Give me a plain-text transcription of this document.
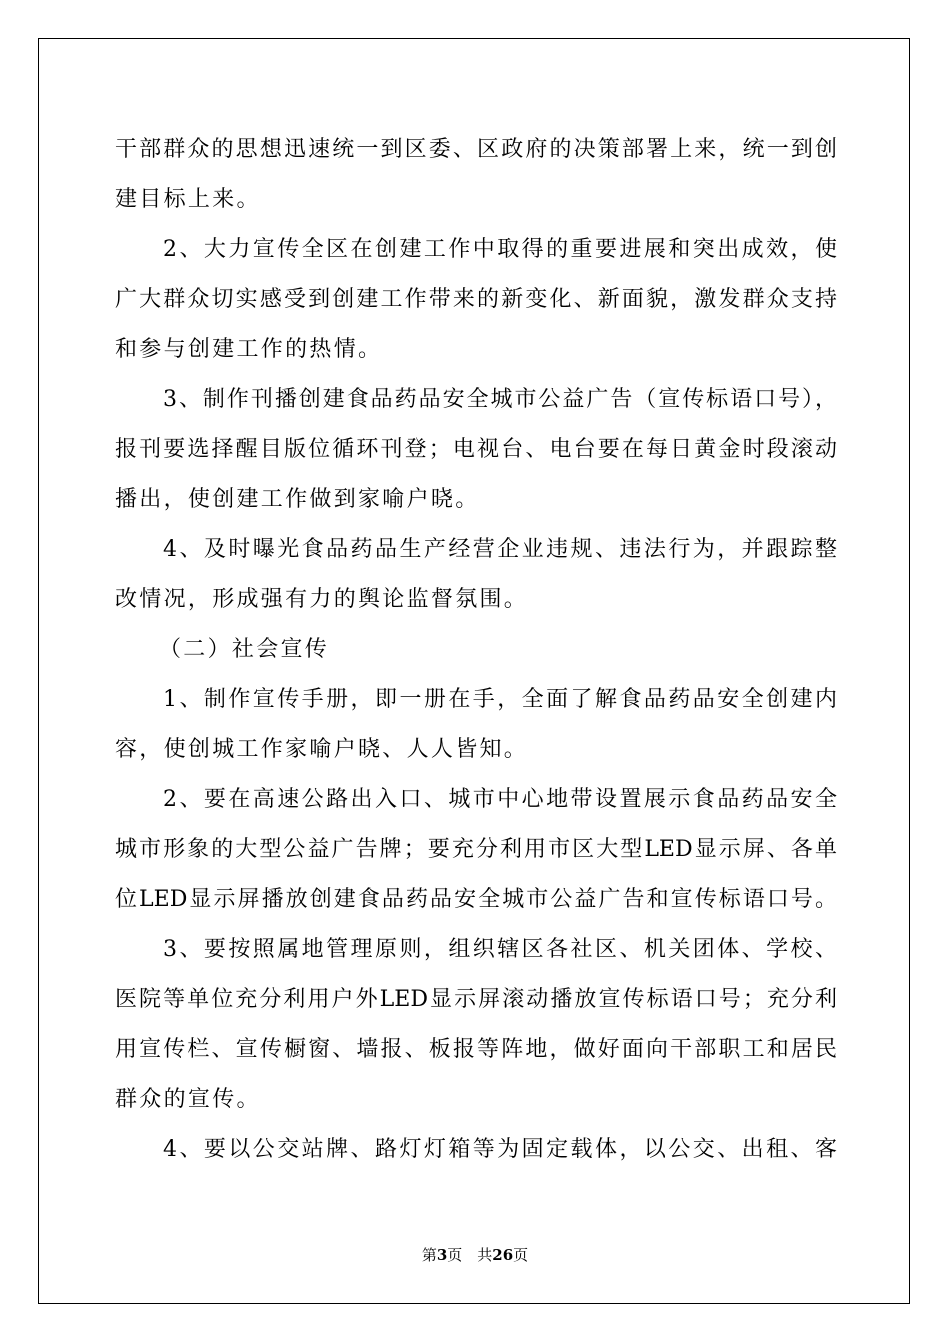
干部群众的思想迅速统一到区委、区政府的决策部署上来，统一到创
建目标上来。
2、大力宣传全区在创建工作中取得的重要进展和突出成效，使
广大群众切实感受到创建工作带来的新变化、新面貌，激发群众支持
和参与创建工作的热情。
3、制作刊播创建食品药品安全城市公益广告（宣传标语口号），
报刊要选择醒目版位循环刊登；电视台、电台要在每日黄金时段滚动
播出，使创建工作做到家喻户晓。
4、及时曝光食品药品生产经营企业违规、违法行为，并跟踪整
改情况，形成强有力的舆论监督氛围。
（二）社会宣传
1、制作宣传手册，即一册在手，全面了解食品药品安全创建内
容，使创城工作家喻户晓、人人皆知。
2、要在高速公路出入口、城市中心地带设置展示食品药品安全
城市形象的大型公益广告牌；要充分利用市区大型LED显示屏、各单
位LED显示屏播放创建食品药品安全城市公益广告和宣传标语口号。
3、要按照属地管理原则，组织辖区各社区、机关团体、学校、
医院等单位充分利用户外LED显示屏滚动播放宣传标语口号；充分利
用宣传栏、宣传橱窗、墙报、板报等阵地，做好面向干部职工和居民
群众的宣传。
4、要以公交站牌、路灯灯箱等为固定载体，以公交、出租、客
第3页　共26页
